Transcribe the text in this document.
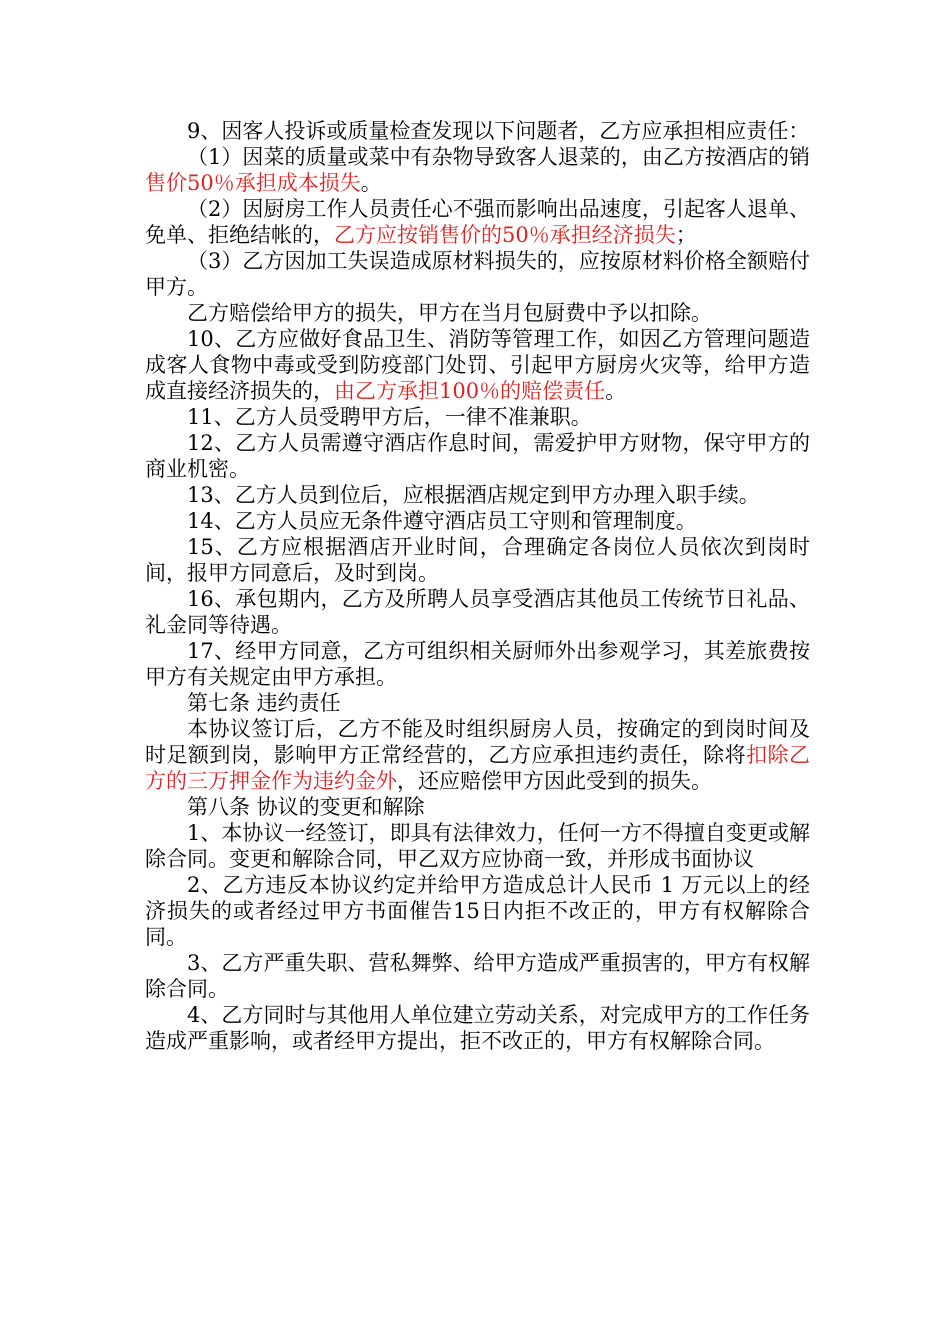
9、因客人投诉或质量检查发现以下问题者，乙方应承担相应责任：

（1）因菜的质量或菜中有杂物导致客人退菜的，由乙方按酒店的销售价50％承担成本损失。

（2）因厨房工作人员责任心不强而影响出品速度，引起客人退单、免单、拒绝结帐的，乙方应按销售价的50％承担经济损失；

（3）乙方因加工失误造成原材料损失的，应按原材料价格全额赔付甲方。

乙方赔偿给甲方的损失，甲方在当月包厨费中予以扣除。

10、乙方应做好食品卫生、消防等管理工作，如因乙方管理问题造成客人食物中毒或受到防疫部门处罚、引起甲方厨房火灾等，给甲方造成直接经济损失的，由乙方承担100％的赔偿责任。

11、乙方人员受聘甲方后，一律不准兼职。

12、乙方人员需遵守酒店作息时间，需爱护甲方财物，保守甲方的商业机密。

13、乙方人员到位后，应根据酒店规定到甲方办理入职手续。

14、乙方人员应无条件遵守酒店员工守则和管理制度。

15、乙方应根据酒店开业时间，合理确定各岗位人员依次到岗时间，报甲方同意后，及时到岗。

16、承包期内，乙方及所聘人员享受酒店其他员工传统节日礼品、礼金同等待遇。

17、经甲方同意，乙方可组织相关厨师外出参观学习，其差旅费按甲方有关规定由甲方承担。

第七条 违约责任

本协议签订后，乙方不能及时组织厨房人员，按确定的到岗时间及时足额到岗，影响甲方正常经营的，乙方应承担违约责任，除将扣除乙方的三万押金作为违约金外，还应赔偿甲方因此受到的损失。

第八条 协议的变更和解除

1、本协议一经签订，即具有法律效力，任何一方不得擅自变更或解除合同。变更和解除合同，甲乙双方应协商一致，并形成书面协议

2、乙方违反本协议约定并给甲方造成总计人民币 1 万元以上的经济损失的或者经过甲方书面催告15日内拒不改正的，甲方有权解除合同。

3、乙方严重失职、营私舞弊、给甲方造成严重损害的，甲方有权解除合同。

4、乙方同时与其他用人单位建立劳动关系，对完成甲方的工作任务造成严重影响，或者经甲方提出，拒不改正的，甲方有权解除合同。
